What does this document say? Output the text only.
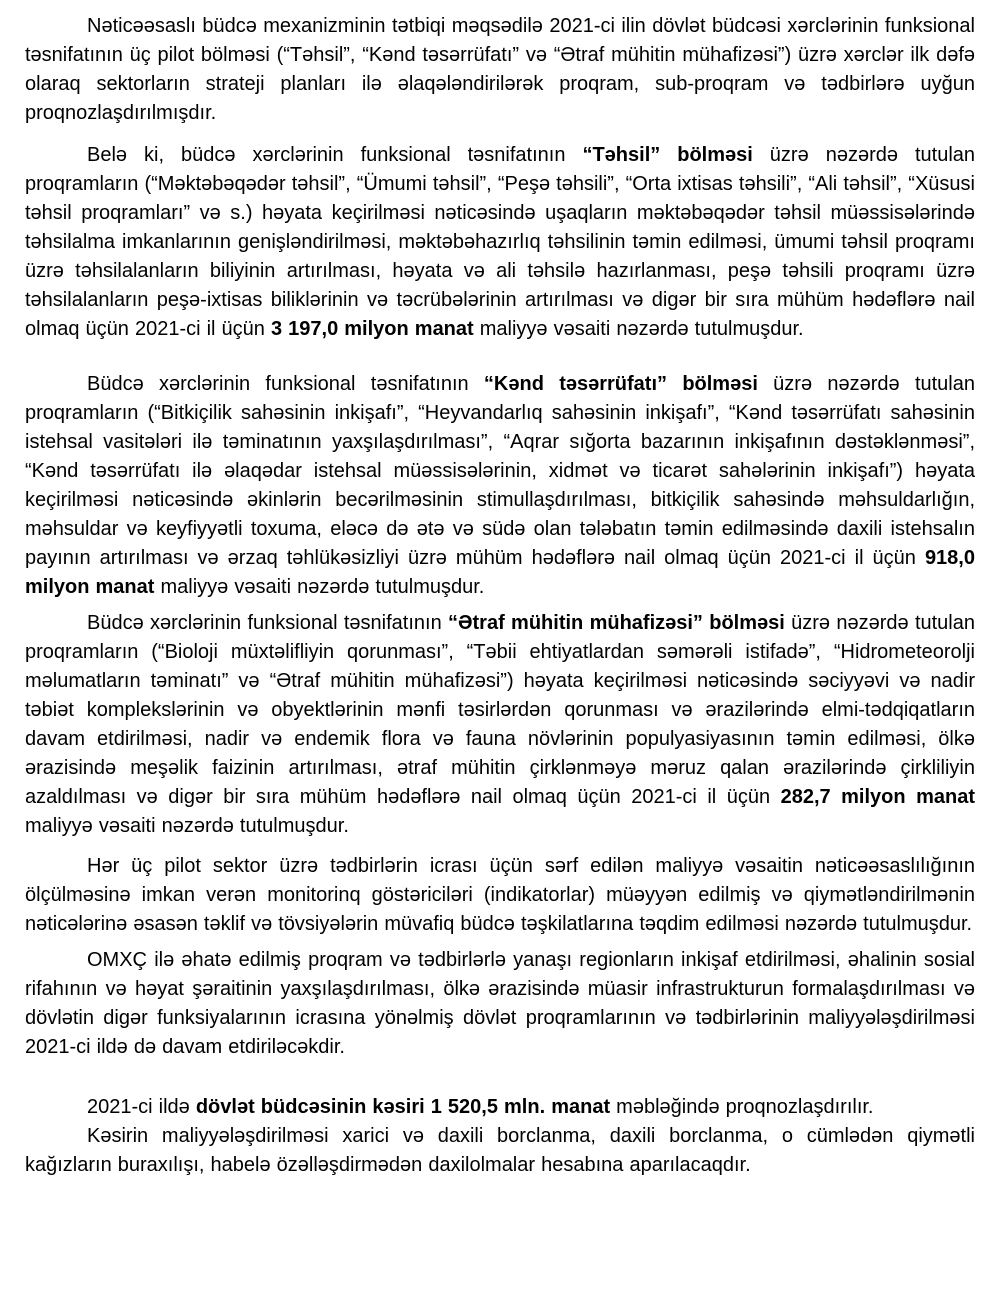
Nəticəəsaslı büdcə mexanizminin tətbiqi məqsədilə 2021-ci ilin dövlət büdcəsi xərclərinin funksional təsnifatının üç pilot bölməsi (“Təhsil”, “Kənd təsərrüfatı” və “Ətraf mühitin mühafizəsi”) üzrə xərclər ilk dəfə olaraq sektorların strateji planları ilə əlaqələndirilərək proqram, sub-proqram və tədbirlərə uyğun proqnozlaşdırılmışdır.

Belə ki, büdcə xərclərinin funksional təsnifatının “Təhsil” bölməsi üzrə nəzərdə tutulan proqramların (“Məktəbəqədər təhsil”, “Ümumi təhsil”, “Peşə təhsili”, “Orta ixtisas təhsili”, “Ali təhsil”, “Xüsusi təhsil proqramları” və s.) həyata keçirilməsi nəticəsində uşaqların məktəbəqədər təhsil müəssisələrində təhsilalma imkanlarının genişləndirilməsi, məktəbəhazırlıq təhsilinin təmin edilməsi, ümumi təhsil proqramı üzrə təhsilalanların biliyinin artırılması, həyata və ali təhsilə hazırlanması, peşə təhsili proqramı üzrə təhsilalanların peşə-ixtisas biliklərinin və təcrübələrinin artırılması və digər bir sıra mühüm hədəflərə nail olmaq üçün 2021-ci il üçün 3 197,0 milyon manat maliyyə vəsaiti nəzərdə tutulmuşdur.

Büdcə xərclərinin funksional təsnifatının “Kənd təsərrüfatı” bölməsi üzrə nəzərdə tutulan proqramların (“Bitkiçilik sahəsinin inkişafı”, “Heyvandarlıq sahəsinin inkişafı”, “Kənd təsərrüfatı sahəsinin istehsal vasitələri ilə təminatının yaxşılaşdırılması”, “Aqrar sığorta bazarının inkişafının dəstəklənməsi”, “Kənd təsərrüfatı ilə əlaqədar istehsal müəssisələrinin, xidmət və ticarət sahələrinin inkişafı”) həyata keçirilməsi nəticəsində əkinlərin becərilməsinin stimullaşdırılması, bitkiçilik sahəsində məhsuldarlığın, məhsuldar və keyfiyyətli toxuma, eləcə də ətə və südə olan tələbatın təmin edilməsində daxili istehsalın payının artırılması və ərzaq təhlükəsizliyi üzrə mühüm hədəflərə nail olmaq üçün 2021-ci il üçün 918,0 milyon manat maliyyə vəsaiti nəzərdə tutulmuşdur.

Büdcə xərclərinin funksional təsnifatının “Ətraf mühitin mühafizəsi” bölməsi üzrə nəzərdə tutulan proqramların (“Bioloji müxtəlifliyin qorunması”, “Təbii ehtiyatlardan səmərəli istifadə”, “Hidrometeorolji məlumatların təminatı” və “Ətraf mühitin mühafizəsi”) həyata keçirilməsi nəticəsində səciyyəvi və nadir təbiət komplekslərinin və obyektlərinin mənfi təsirlərdən qorunması və ərazilərində elmi-tədqiqatların davam etdirilməsi, nadir və endemik flora və fauna növlərinin populyasiyasının təmin edilməsi, ölkə ərazisində meşəlik faizinin artırılması, ətraf mühitin çirklənməyə məruz qalan ərazilərində çirkliliyin azaldılması və digər bir sıra mühüm hədəflərə nail olmaq üçün 2021-ci il üçün 282,7 milyon manat maliyyə vəsaiti nəzərdə tutulmuşdur.

Hər üç pilot sektor üzrə tədbirlərin icrası üçün sərf edilən maliyyə vəsaitin nəticəəsaslılığının ölçülməsinə imkan verən monitorinq göstəriciləri (indikatorlar) müəyyən edilmiş və qiymətləndirilmənin nəticələrinə əsasən təklif və tövsiyələrin müvafiq büdcə təşkilatlarına təqdim edilməsi nəzərdə tutulmuşdur.

OMXÇ ilə əhatə edilmiş proqram və tədbirlərlə yanaşı regionların inkişaf etdirilməsi, əhalinin sosial rifahının və həyat şəraitinin yaxşılaşdırılması, ölkə ərazisində müasir infrastrukturun formalaşdırılması və dövlətin digər funksiyalarının icrasına yönəlmiş dövlət proqramlarının və tədbirlərinin maliyyələşdirilməsi 2021-ci ildə də davam etdiriləcəkdir.

2021-ci ildə dövlət büdcəsinin kəsiri 1 520,5 mln. manat məbləğində proqnozlaşdırılır.

Kəsirin maliyyələşdirilməsi xarici və daxili borclanma, daxili borclanma, o cümlədən qiymətli kağızların buraxılışı, habelə özəlləşdirmədən daxilolmalar hesabına aparılacaqdır.
